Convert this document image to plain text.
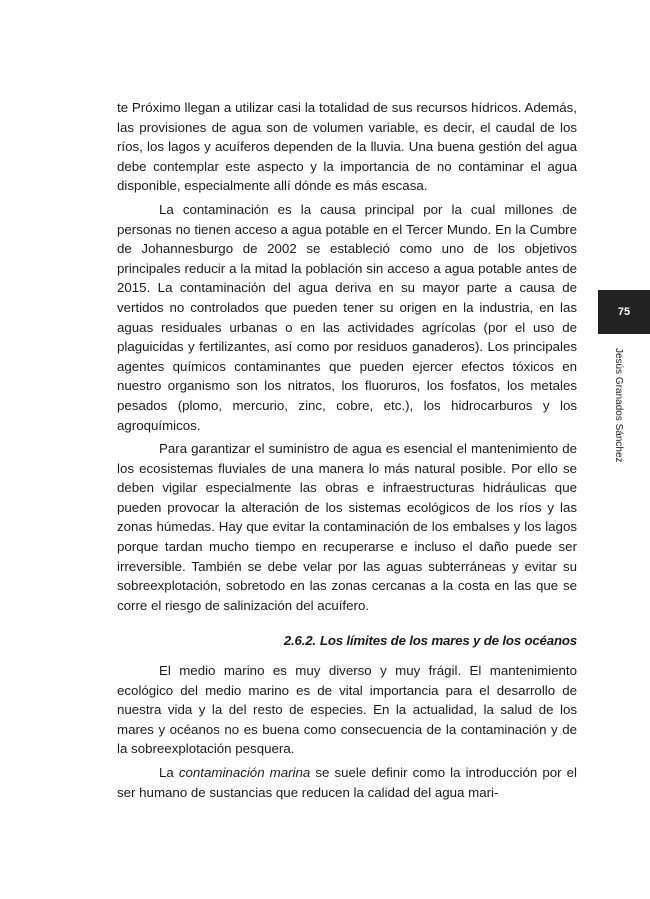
te Próximo llegan a utilizar casi la totalidad de sus recursos hídricos. Además, las provisiones de agua son de volumen variable, es decir, el caudal de los ríos, los lagos y acuíferos dependen de la lluvia. Una buena gestión del agua debe contemplar este aspecto y la importancia de no contaminar el agua disponible, especialmente allí dónde es más escasa.

La contaminación es la causa principal por la cual millones de personas no tienen acceso a agua potable en el Tercer Mundo. En la Cumbre de Johannesburgo de 2002 se estableció como uno de los objetivos principales reducir a la mitad la población sin acceso a agua potable antes de 2015. La contaminación del agua deriva en su mayor parte a causa de vertidos no controlados que pueden tener su origen en la industria, en las aguas residuales urbanas o en las actividades agrícolas (por el uso de plaguicidas y fertilizantes, así como por residuos ganaderos). Los principales agentes químicos contaminantes que pueden ejercer efectos tóxicos en nuestro organismo son los nitratos, los fluoruros, los fosfatos, los metales pesados (plomo, mercurio, zinc, cobre, etc.), los hidrocarburos y los agroquímicos.

Para garantizar el suministro de agua es esencial el mantenimiento de los ecosistemas fluviales de una manera lo más natural posible. Por ello se deben vigilar especialmente las obras e infraestructuras hidráulicas que pueden provocar la alteración de los sistemas ecológicos de los ríos y las zonas húmedas. Hay que evitar la contaminación de los embalses y los lagos porque tardan mucho tiempo en recuperarse e incluso el daño puede ser irreversible. También se debe velar por las aguas subterráneas y evitar su sobreexplotación, sobretodo en las zonas cercanas a la costa en las que se corre el riesgo de salinización del acuífero.

2.6.2. Los límites de los mares y de los océanos

El medio marino es muy diverso y muy frágil. El mantenimiento ecológico del medio marino es de vital importancia para el desarrollo de nuestra vida y la del resto de especies. En la actualidad, la salud de los mares y océanos no es buena como consecuencia de la contaminación y de la sobreexplotación pesquera.

La contaminación marina se suele definir como la introducción por el ser humano de sustancias que reducen la calidad del agua mari-

75
Jesús Granados Sánchez
